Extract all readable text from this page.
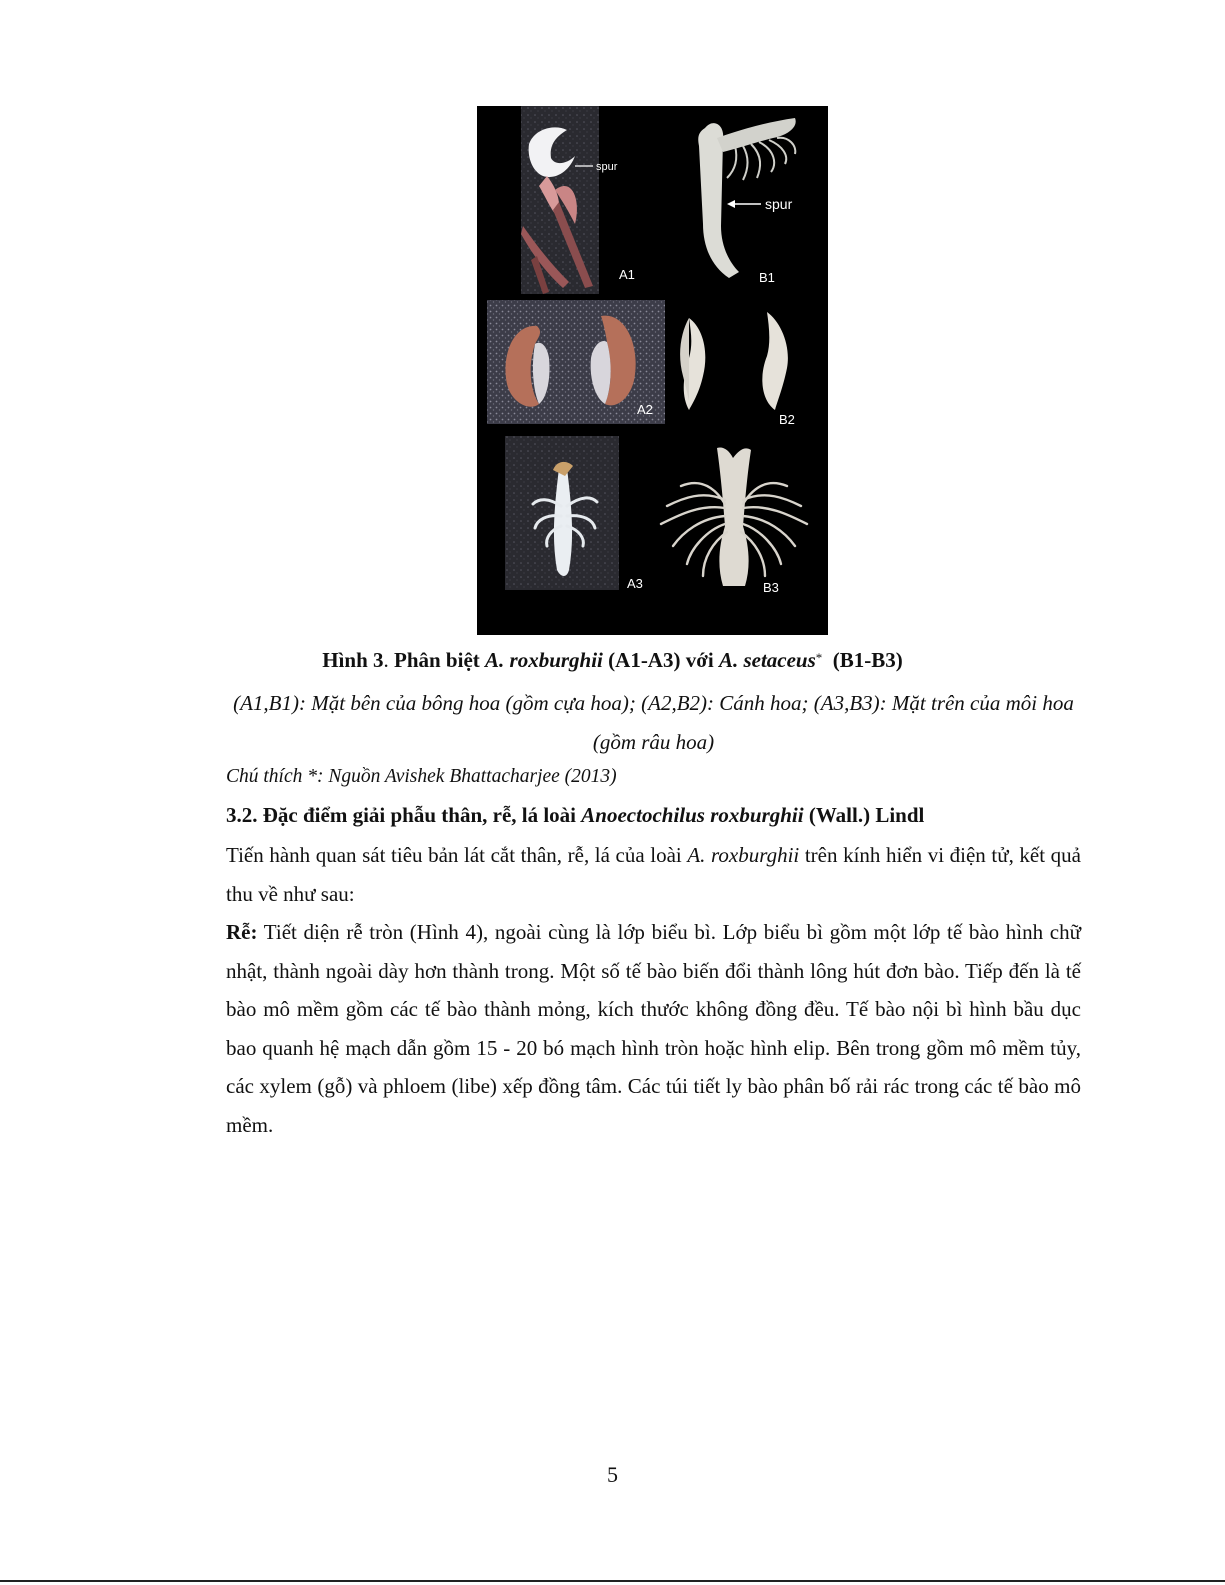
spur
A1
spur
B1
A2
B2
A3	B3
Hình 3. Phân biệt A. roxburghii (A1-A3) với A. setaceus*  (B1-B3)
(A1,B1): Mặt bên của bông hoa (gồm cựa hoa); (A2,B2): Cánh hoa; (A3,B3): Mặt trên của môi hoa (gồm râu hoa)
Chú thích *: Nguồn Avishek Bhattacharjee (2013)
3.2. Đặc điểm giải phẫu thân, rễ, lá loài Anoectochilus roxburghii (Wall.) Lindl
Tiến hành quan sát tiêu bản lát cắt thân, rễ, lá của loài A. roxburghii trên kính hiển vi điện tử, kết quả thu về như sau:
Rễ: Tiết diện rễ tròn (Hình 4), ngoài cùng là lớp biểu bì. Lớp biểu bì gồm một lớp tế bào hình chữ nhật, thành ngoài dày hơn thành trong. Một số tế bào biến đổi thành lông hút đơn bào. Tiếp đến là tế bào mô mềm gồm các tế bào thành mỏng, kích thước không đồng đều. Tế bào nội bì hình bầu dục bao quanh hệ mạch dẫn gồm 15 - 20 bó mạch hình tròn hoặc hình elip. Bên trong gồm mô mềm tủy, các xylem (gỗ) và phloem (libe) xếp đồng tâm. Các túi tiết ly bào phân bố rải rác trong các tế bào mô mềm.
5
